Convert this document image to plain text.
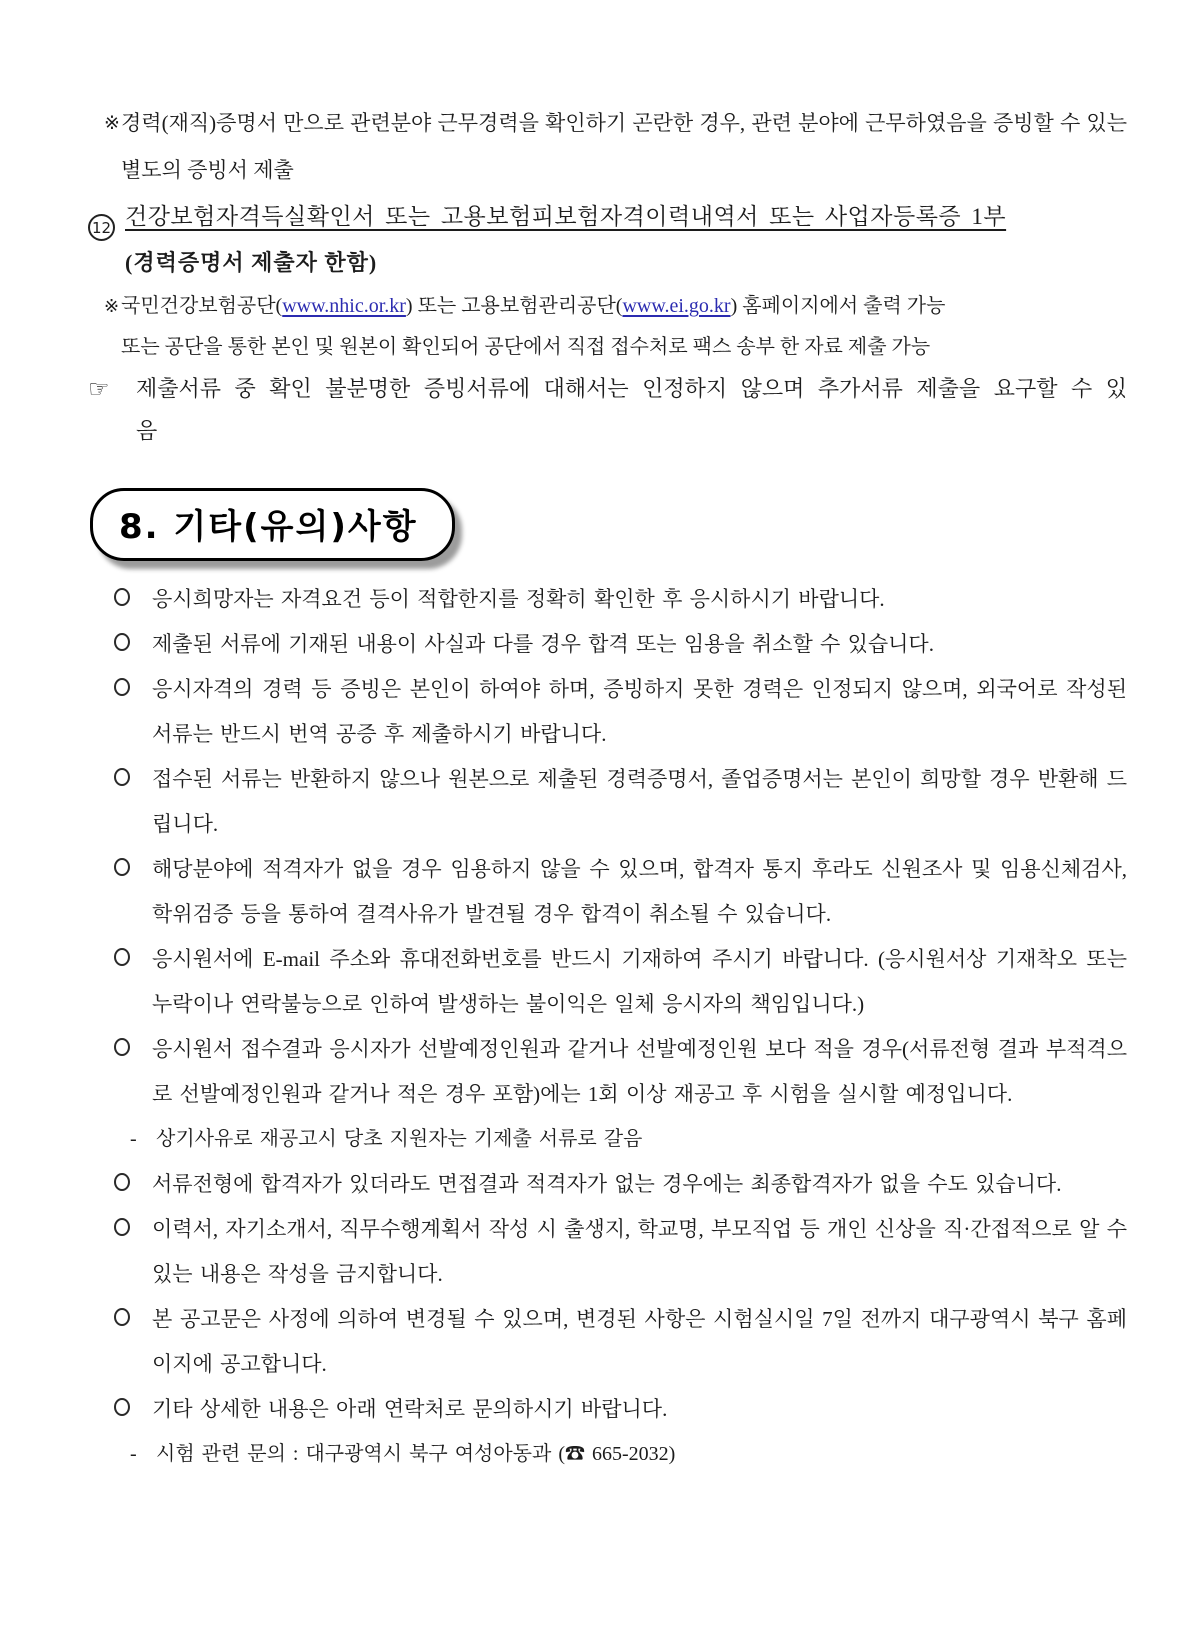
※ 경력(재직)증명서 만으로 관련분야 근무경력을 확인하기 곤란한 경우, 관련 분야에 근무하였음을 증빙할 수 있는 별도의 증빙서 제출
12 건강보험자격득실확인서 또는 고용보험피보험자격이력내역서 또는 사업자등록증 1부
(경력증명서 제출자 한함)
※ 국민건강보험공단(www.nhic.or.kr) 또는 고용보험관리공단(www.ei.go.kr) 홈페이지에서 출력 가능
또는 공단을 통한 본인 및 원본이 확인되어 공단에서 직접 접수처로 팩스 송부 한 자료 제출 가능
☞	제출서류 중 확인 불분명한 증빙서류에 대해서는 인정하지 않으며 추가서류 제출을 요구할 수 있음
8. 기타(유의)사항
응시희망자는 자격요건 등이 적합한지를 정확히 확인한 후 응시하시기 바랍니다.
제출된 서류에 기재된 내용이 사실과 다를 경우 합격 또는 임용을 취소할 수 있습니다.
응시자격의 경력 등 증빙은 본인이 하여야 하며, 증빙하지 못한 경력은 인정되지 않으며, 외국어로 작성된 서류는 반드시 번역 공증 후 제출하시기 바랍니다.
접수된 서류는 반환하지 않으나 원본으로 제출된 경력증명서, 졸업증명서는 본인이 희망할 경우 반환해 드립니다.
해당분야에 적격자가 없을 경우 임용하지 않을 수 있으며, 합격자 통지 후라도 신원조사 및 임용신체검사, 학위검증 등을 통하여 결격사유가 발견될 경우 합격이 취소될 수 있습니다.
응시원서에 E-mail 주소와 휴대전화번호를 반드시 기재하여 주시기 바랍니다. (응시원서상 기재착오 또는 누락이나 연락불능으로 인하여 발생하는 불이익은 일체 응시자의 책임입니다.)
응시원서 접수결과 응시자가 선발예정인원과 같거나 선발예정인원 보다 적을 경우(서류전형 결과 부적격으로 선발예정인원과 같거나 적은 경우 포함)에는 1회 이상 재공고 후 시험을 실시할 예정입니다.
- 상기사유로 재공고시 당초 지원자는 기제출 서류로 갈음
서류전형에 합격자가 있더라도 면접결과 적격자가 없는 경우에는 최종합격자가 없을 수도 있습니다.
이력서, 자기소개서, 직무수행계획서 작성 시 출생지, 학교명, 부모직업 등 개인 신상을 직·간접적으로 알 수 있는 내용은 작성을 금지합니다.
본 공고문은 사정에 의하여 변경될 수 있으며, 변경된 사항은 시험실시일 7일 전까지 대구광역시 북구 홈페이지에 공고합니다.
기타 상세한 내용은 아래 연락처로 문의하시기 바랍니다.
- 시험 관련 문의 : 대구광역시 북구 여성아동과 (☎ 665-2032)
